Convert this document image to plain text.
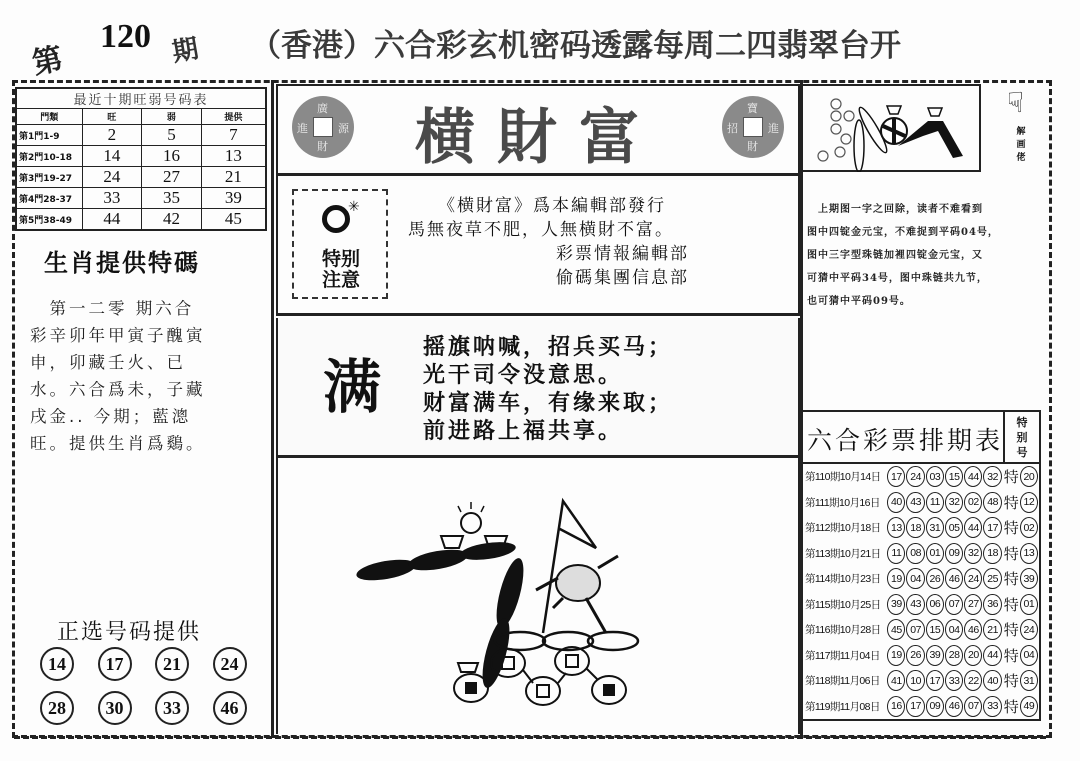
第
120 期 （香港）六合彩玄机密码透露每周二四翡翠台开
最近十期旺弱号码表			
門類	旺	弱	提供
第1門1-9	2	5	7
第2門10-18	14	16	13
第3門19-27	24	27	21
第4門28-37	33	35	39
第5門38-49	44	42	45
生肖提供特碼
　第一二零 期六合
彩辛卯年甲寅子醜寅
申，卯藏壬火、已
水。六合爲未，子藏
戌金.. 今期；藍漗
旺。提供生肖爲鷄。
正选号码提供
14	17	21	24
28	30	33	46
廣
進	源
財	横財富	寶
招	進
財
✳
特别
注意
《横財富》爲本編輯部發行
馬無夜草不肥，人無横財不富。
彩票情報編輯部
偷碼集團信息部
满
摇旗呐喊，招兵买马；
光干司令没意思。
财富满车，有缘来取；
前进路上福共享。
☟
解
画
佬
　上期图一字之回除，读者不难看到
图中四锭金元宝，不难捉到平码04号，
图中三字型珠链加裡四锭金元宝，又
可猜中平码34号，图中珠链共九节，
也可猜中平码09号。
六合彩票排期表
特
别
号
第110期10月14日	17 24 03 15 44 32 特 20
第111期10月16日	40 43 11 32 02 48 特 12
第112期10月18日	13 18 31 05 44 17 特 02
第113期10月21日	11 08 01 09 32 18 特 13
第114期10月23日	19 04 26 46 24 25 特 39
第115期10月25日	39 43 06 07 27 36 特 01
第116期10月28日	45 07 15 04 46 21 特 24
第117期11月04日	19 26 39 28 20 44 特 04
第118期11月06日	41 10 17 33 22 40 特 31
第119期11月08日	16 17 09 46 07 33 特 49
